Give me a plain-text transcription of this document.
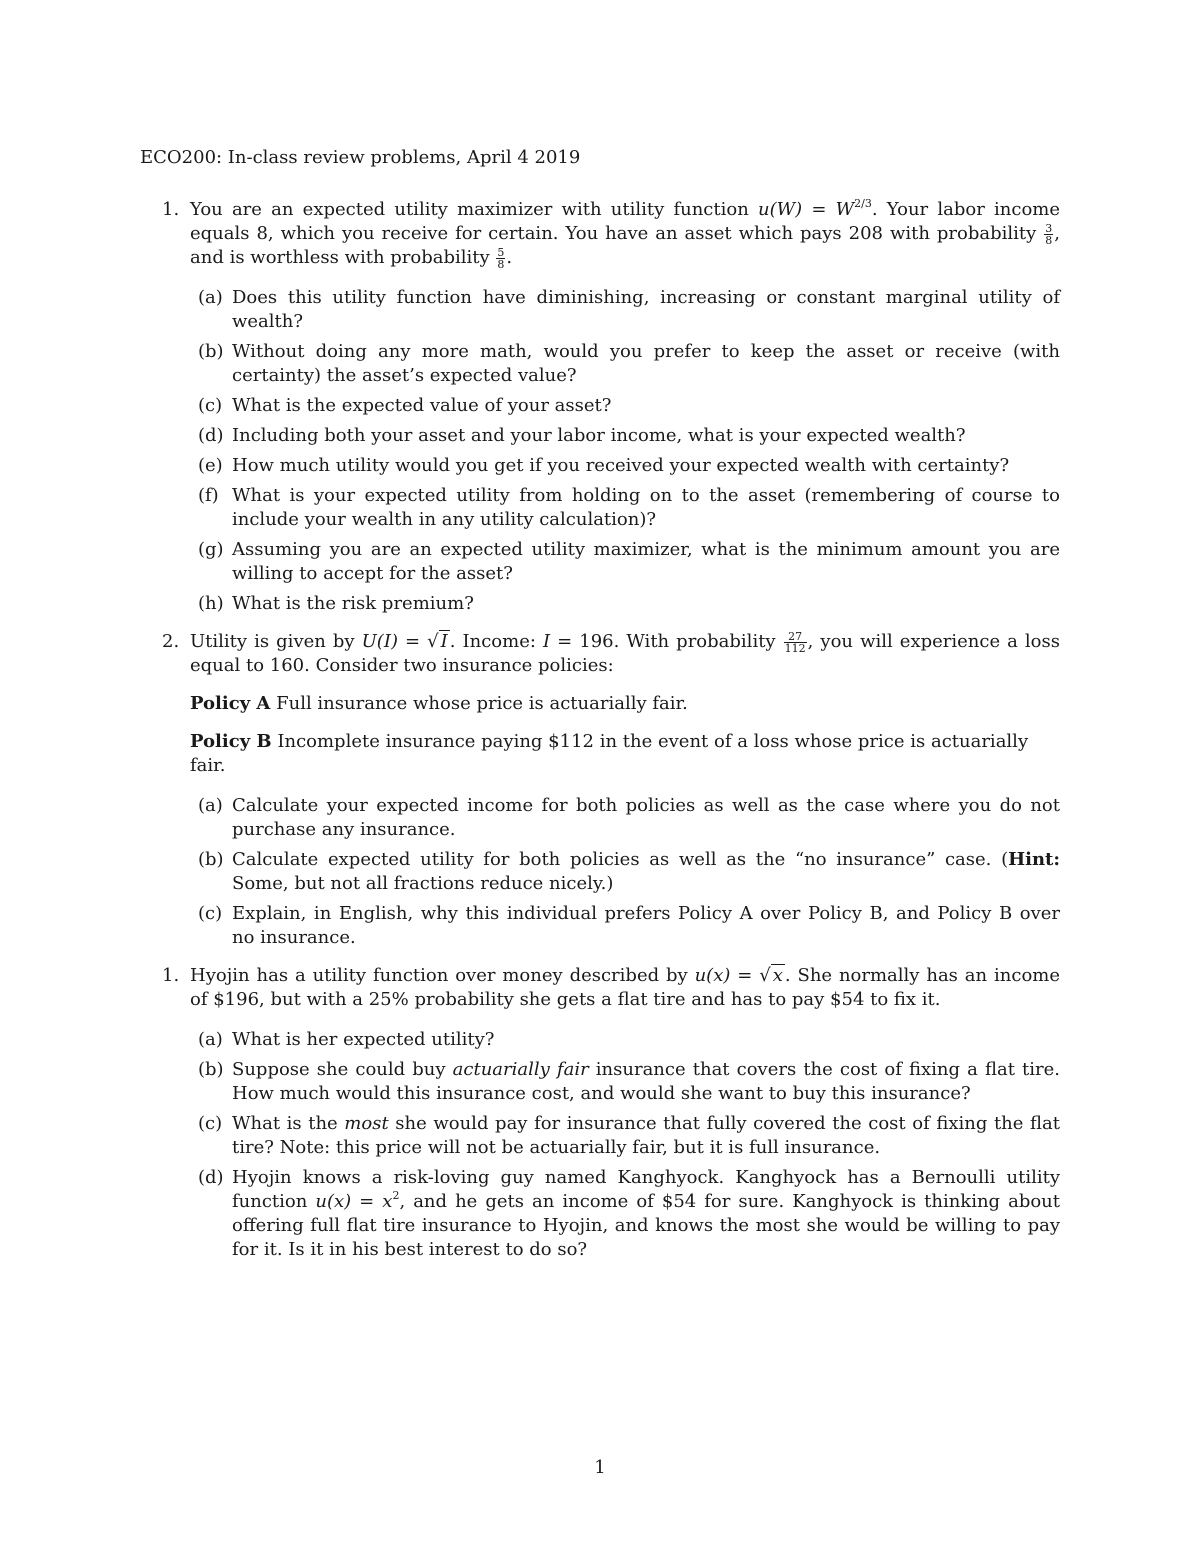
ECO200: In-class review problems, April 4 2019

1. You are an expected utility maximizer with utility function $u(W) = W^{2/3}$. Your labor income equals 8, which you receive for certain. You have an asset which pays 208 with probability $\frac{3}{8}$ , and is worthless with probability $\frac{5}{8}$ .

(a) Does this utility function have diminishing, increasing or constant marginal utility of wealth?
(b) Without doing any more math, would you prefer to keep the asset or receive (with certainty) the asset’s expected value?
(c) What is the expected value of your asset?
(d) Including both your asset and your labor income, what is your expected wealth?
(e) How much utility would you get if you received your expected wealth with certainty?
(f) What is your expected utility from holding on to the asset (remembering of course to include your wealth in any utility calculation)?
(g) Assuming you are an expected utility maximizer, what is the minimum amount you are willing to accept for the asset?
(h) What is the risk premium?
2. Utility is given by U(I) = √ I . Income: I = 196. With probability $\frac{27}{112}$ , you will experience a loss equal to 160. Consider two insurance policies:

Policy A Full insurance whose price is actuarially fair.

Policy B Incomplete insurance paying $112 in the event of a loss whose price is actuarially fair.

(a) Calculate your expected income for both policies as well as the case where you do not purchase any insurance.
(b) Calculate expected utility for both policies as well as the “no insurance” case. (Hint: Some, but not all fractions reduce nicely.)
(c) Explain, in English, why this individual prefers Policy A over Policy B, and Policy B over no insurance.
1. Hyojin has a utility function over money described by u(x) = √ x . She normally has an income of $196, but with a 25% probability she gets a flat tire and has to pay $54 to fix it.

(a) What is her expected utility?
(b) Suppose she could buy actuarially fair insurance that covers the cost of fixing a flat tire. How much would this insurance cost, and would she want to buy this insurance?
(c) What is the most she would pay for insurance that fully covered the cost of fixing the flat tire? Note: this price will not be actuarially fair, but it is full insurance.
(d) Hyojin knows a risk-loving guy named Kanghyock. Kanghyock has a Bernoulli utility function $u(x) = x^2$, and he gets an income of $54 for sure. Kanghyock is thinking about offering full flat tire insurance to Hyojin, and knows the most she would be willing to pay for it. Is it in his best interest to do so?
1
